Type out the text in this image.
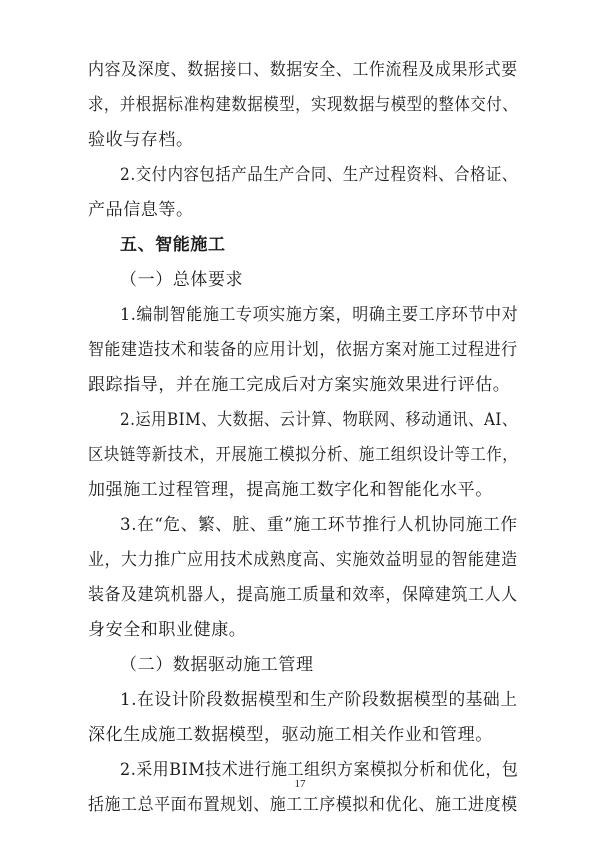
内容及深度、数据接口、数据安全、工作流程及成果形式要
求，并根据标准构建数据模型，实现数据与模型的整体交付、
验收与存档。
2.交付内容包括产品生产合同、生产过程资料、合格证、
产品信息等。
五、智能施工
（一）总体要求
1.编制智能施工专项实施方案，明确主要工序环节中对
智能建造技术和装备的应用计划，依据方案对施工过程进行
跟踪指导，并在施工完成后对方案实施效果进行评估。
2.运用BIM、大数据、云计算、物联网、移动通讯、AI、
区块链等新技术，开展施工模拟分析、施工组织设计等工作，
加强施工过程管理，提高施工数字化和智能化水平。
3.在“危、繁、脏、重”施工环节推行人机协同施工作
业，大力推广应用技术成熟度高、实施效益明显的智能建造
装备及建筑机器人，提高施工质量和效率，保障建筑工人人
身安全和职业健康。
（二）数据驱动施工管理
1.在设计阶段数据模型和生产阶段数据模型的基础上
深化生成施工数据模型，驱动施工相关作业和管理。
2.采用BIM技术进行施工组织方案模拟分析和优化，包
括施工总平面布置规划、施工工序模拟和优化、施工进度模
17
